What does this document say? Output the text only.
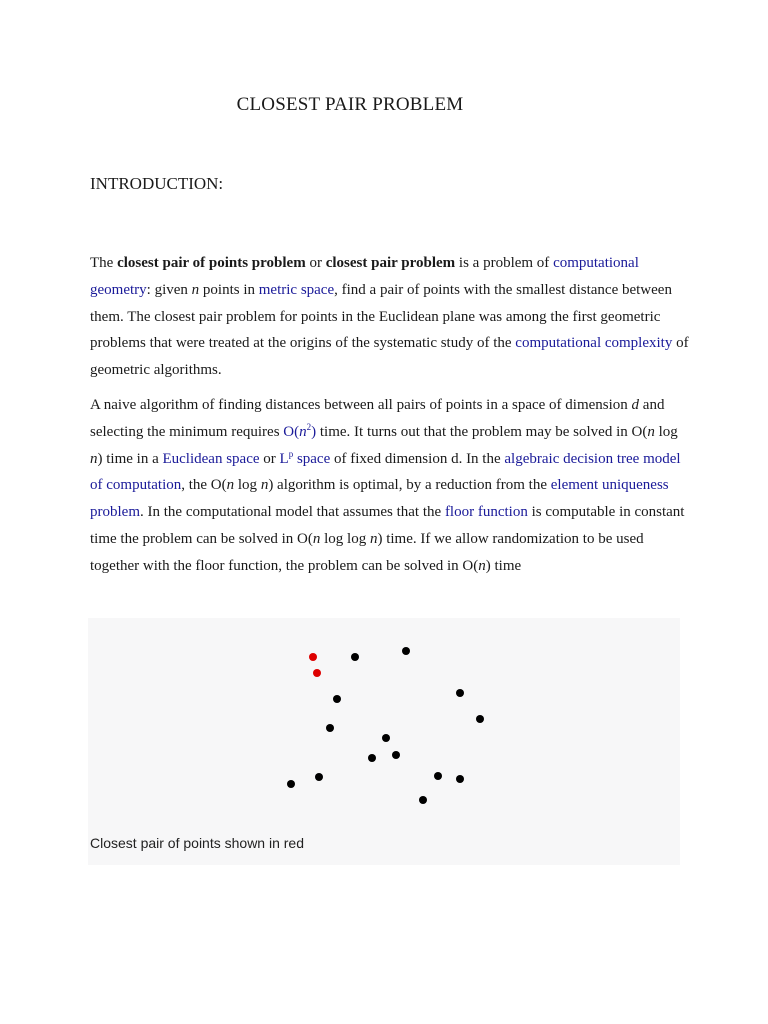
CLOSEST PAIR PROBLEM
INTRODUCTION:

The closest pair of points problem or closest pair problem is a problem of computational geometry: given n points in metric space, find a pair of points with the smallest distance between them. The closest pair problem for points in the Euclidean plane was among the first geometric problems that were treated at the origins of the systematic study of the computational complexity of geometric algorithms.

A naive algorithm of finding distances between all pairs of points in a space of dimension d and selecting the minimum requires $O(n^2)$ time. It turns out that the problem may be solved in O(n log n) time in a Euclidean space or $L^p$ space of fixed dimension d. In the algebraic decision tree model of computation, the O(n log n) algorithm is optimal, by a reduction from the element uniqueness problem. In the computational model that assumes that the floor function is computable in constant time the problem can be solved in O(n log log n) time. If we allow randomization to be used together with the floor function, the problem can be solved in O(n) time

Closest pair of points shown in red
